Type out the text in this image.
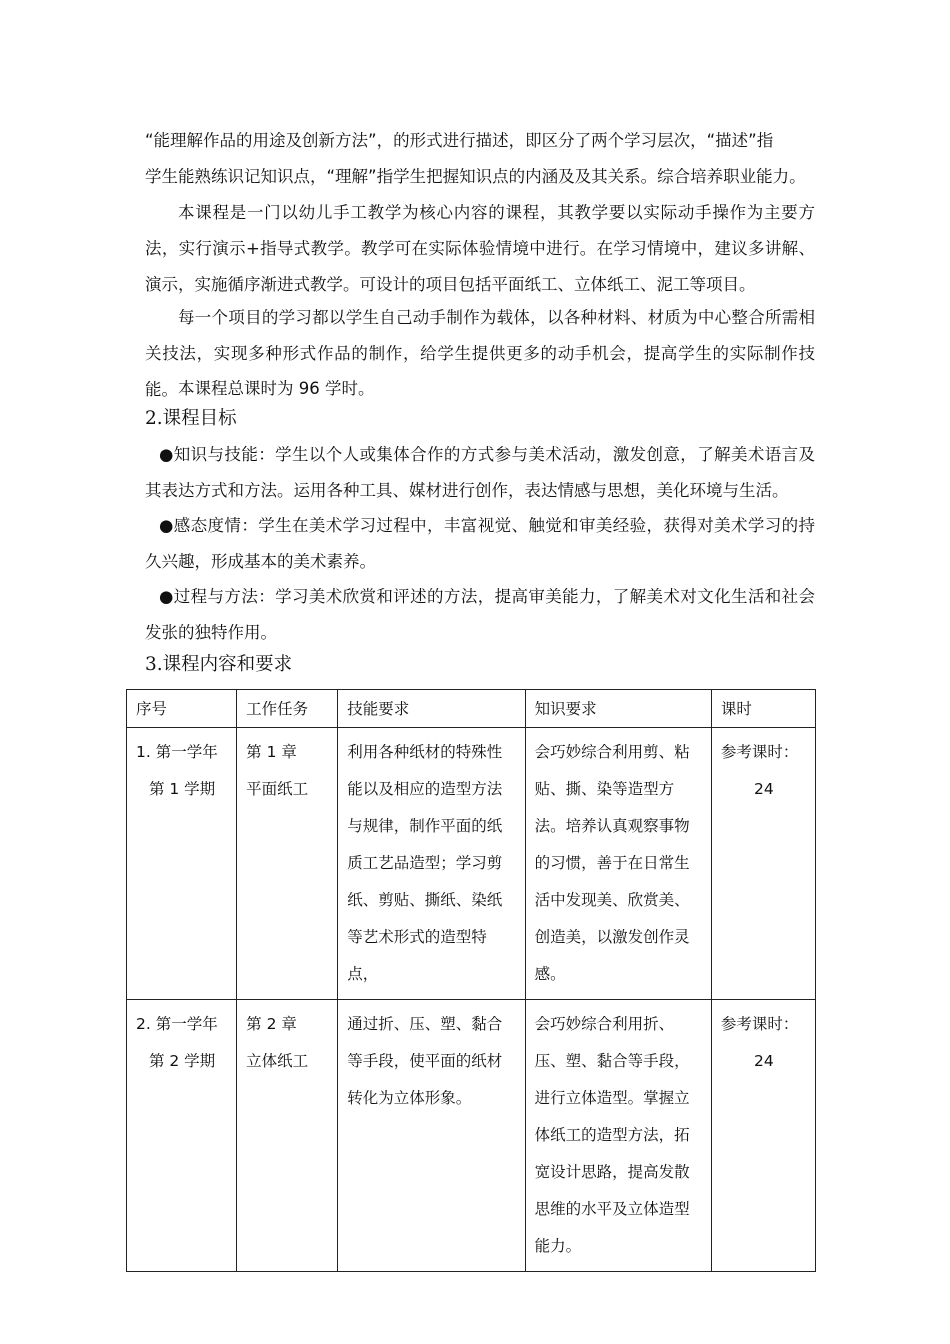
“能理解作品的用途及创新方法”，的形式进行描述，即区分了两个学习层次，“描述”指
学生能熟练识记知识点，“理解”指学生把握知识点的内涵及及其关系。综合培养职业能力。
本课程是一门以幼儿手工教学为核心内容的课程，其教学要以实际动手操作为主要方法，实行演示+指导式教学。教学可在实际体验情境中进行。在学习情境中，建议多讲解、演示，实施循序渐进式教学。可设计的项目包括平面纸工、立体纸工、泥工等项目。
每一个项目的学习都以学生自己动手制作为载体，以各种材料、材质为中心整合所需相关技法，实现多种形式作品的制作，给学生提供更多的动手机会，提高学生的实际制作技能。 本课程总课时为 96 学时。
2.课程目标
●知识与技能：学生以个人或集体合作的方式参与美术活动，激发创意，了解美术语言及其表达方式和方法。运用各种工具、媒材进行创作，表达情感与思想，美化环境与生活。
●感态度情：学生在美术学习过程中，丰富视觉、触觉和审美经验，获得对美术学习的持久兴趣，形成基本的美术素养。
●过程与方法：学习美术欣赏和评述的方法，提高审美能力，了解美术对文化生活和社会发张的独特作用。
3.课程内容和要求
序号	工作任务	技能要求	知识要求	课时

1. 第一学年
第 1 学期	第 1 章
平面纸工	利用各种纸材的特殊性能以及相应的造型方法与规律，制作平面的纸质工艺品造型；学习剪纸、剪贴、撕纸、染纸等艺术形式的造型特点，	会巧妙综合利用剪、粘贴、撕、染等造型方法。培养认真观察事物的习惯，善于在日常生活中发现美、欣赏美、创造美，以激发创作灵感。	参考课时：
24

2. 第一学年
第 2 学期	第 2 章
立体纸工	通过折、压、塑、黏合等手段，使平面的纸材转化为立体形象。	会巧妙综合利用折、压、塑、黏合等手段，进行立体造型。掌握立体纸工的造型方法，拓宽设计思路，提高发散思维的水平及立体造型能力。	参考课时：
24
